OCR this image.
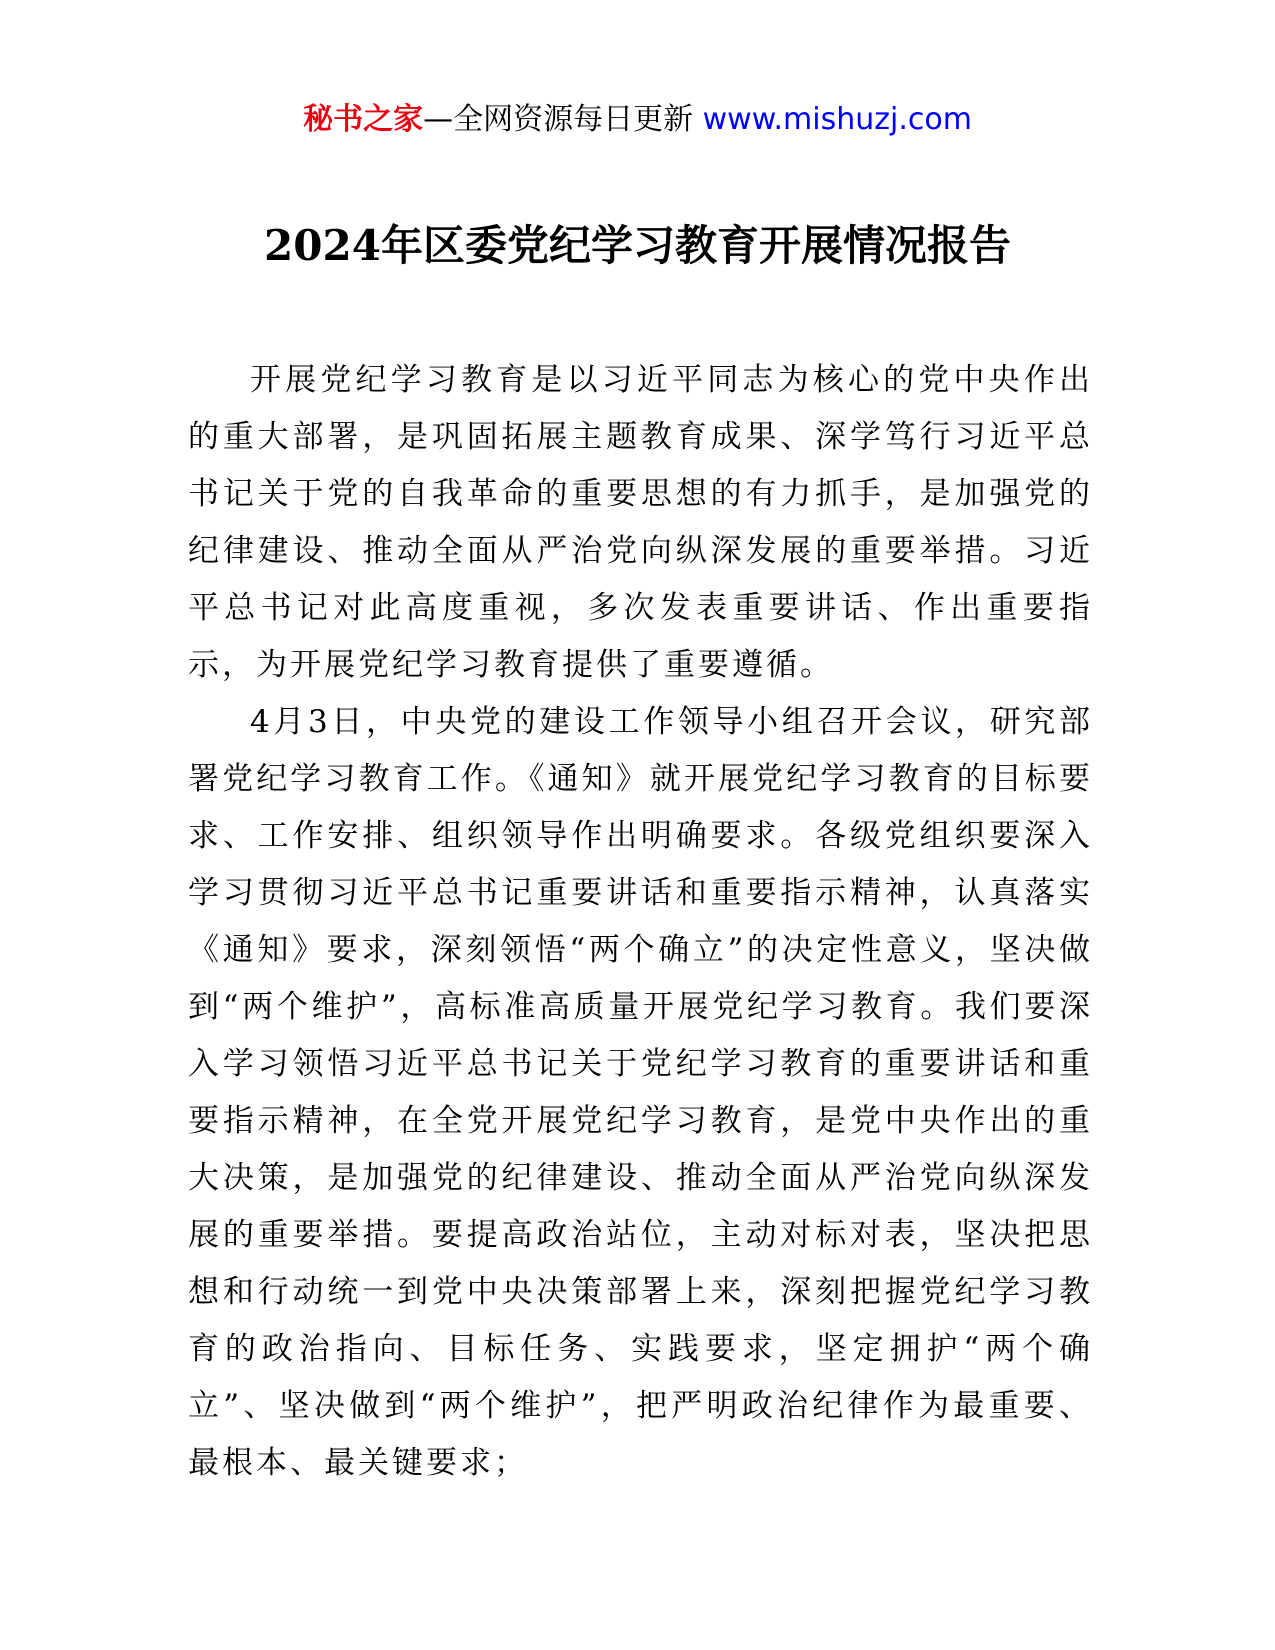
秘书之家—全网资源每日更新 www.mishuzj.com
2024年区委党纪学习教育开展情况报告

开展党纪学习教育是以习近平同志为核心的党中央作出的重大部署，是巩固拓展主题教育成果、深学笃行习近平总书记关于党的自我革命的重要思想的有力抓手，是加强党的纪律建设、推动全面从严治党向纵深发展的重要举措。习近平总书记对此高度重视，多次发表重要讲话、作出重要指示，为开展党纪学习教育提供了重要遵循。

4月3日，中央党的建设工作领导小组召开会议，研究部署党纪学习教育工作。《通知》就开展党纪学习教育的目标要求、工作安排、组织领导作出明确要求。各级党组织要深入学习贯彻习近平总书记重要讲话和重要指示精神，认真落实《通知》要求，深刻领悟“两个确立”的决定性意义，坚决做到“两个维护”，高标准高质量开展党纪学习教育。我们要深入学习领悟习近平总书记关于党纪学习教育的重要讲话和重要指示精神，在全党开展党纪学习教育，是党中央作出的重大决策，是加强党的纪律建设、推动全面从严治党向纵深发展的重要举措。要提高政治站位，主动对标对表，坚决把思想和行动统一到党中央决策部署上来，深刻把握党纪学习教育的政治指向、目标任务、实践要求，坚定拥护“两个确立”、坚决做到“两个维护”，把严明政治纪律作为最重要、最根本、最关键要求；
